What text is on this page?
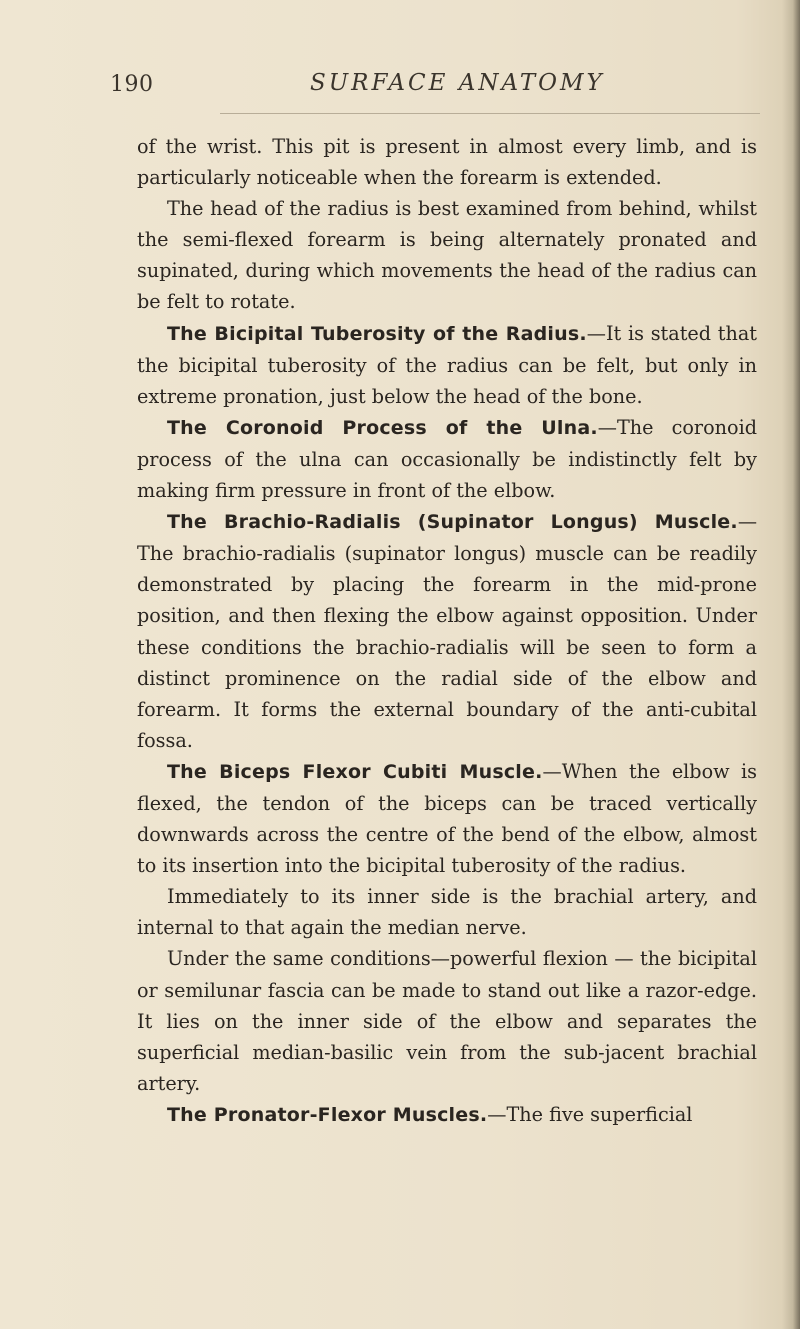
190	SURFACE ANATOMY

of the wrist. This pit is present in almost every limb, and is particularly noticeable when the forearm is extended.

The head of the radius is best examined from behind, whilst the semi-flexed forearm is being alternately pronated and supinated, during which movements the head of the radius can be felt to rotate.

The Bicipital Tuberosity of the Radius.—It is stated that the bicipital tuberosity of the radius can be felt, but only in extreme pronation, just below the head of the bone.

The Coronoid Process of the Ulna.—The coronoid process of the ulna can occasionally be indistinctly felt by making firm pressure in front of the elbow.

The Brachio-Radialis (Supinator Longus) Muscle.— The brachio-radialis (supinator longus) muscle can be readily demonstrated by placing the forearm in the mid-prone position, and then flexing the elbow against opposition. Under these conditions the brachio-radialis will be seen to form a distinct prominence on the radial side of the elbow and forearm. It forms the external boundary of the anti-cubital fossa.

The Biceps Flexor Cubiti Muscle.—When the elbow is flexed, the tendon of the biceps can be traced vertically downwards across the centre of the bend of the elbow, almost to its insertion into the bicipital tuberosity of the radius.

Immediately to its inner side is the brachial artery, and internal to that again the median nerve.

Under the same conditions—powerful flexion — the bicipital or semilunar fascia can be made to stand out like a razor-edge. It lies on the inner side of the elbow and separates the superficial median-basilic vein from the sub-jacent brachial artery.

The Pronator-Flexor Muscles.—The five superficial
